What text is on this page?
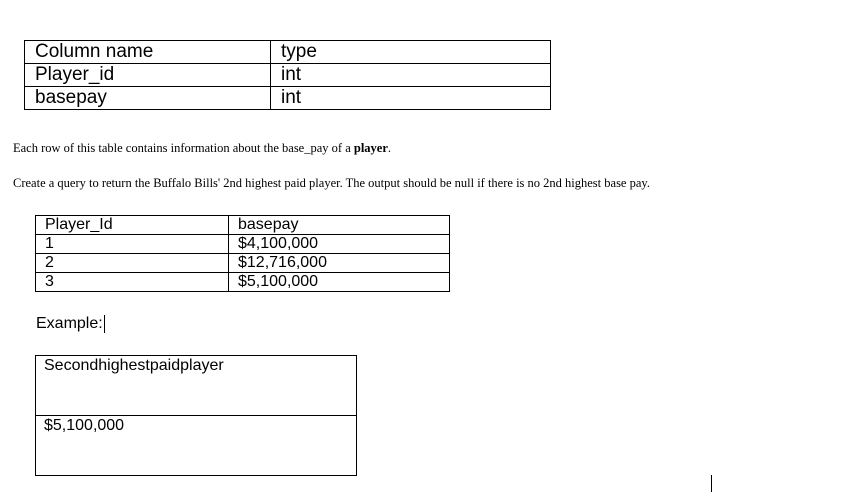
Column name	type
Player_id	int
basepay	int

Each row of this table contains information about the base_pay of a player.

Create a query to return the Buffalo Bills' 2nd highest paid player. The output should be null if there is no 2nd highest base pay.

Player_Id	basepay
1	$4,100,000
2	$12,716,000
3	$5,100,000
Example:
Secondhighestpaidplayer
$5,100,000
